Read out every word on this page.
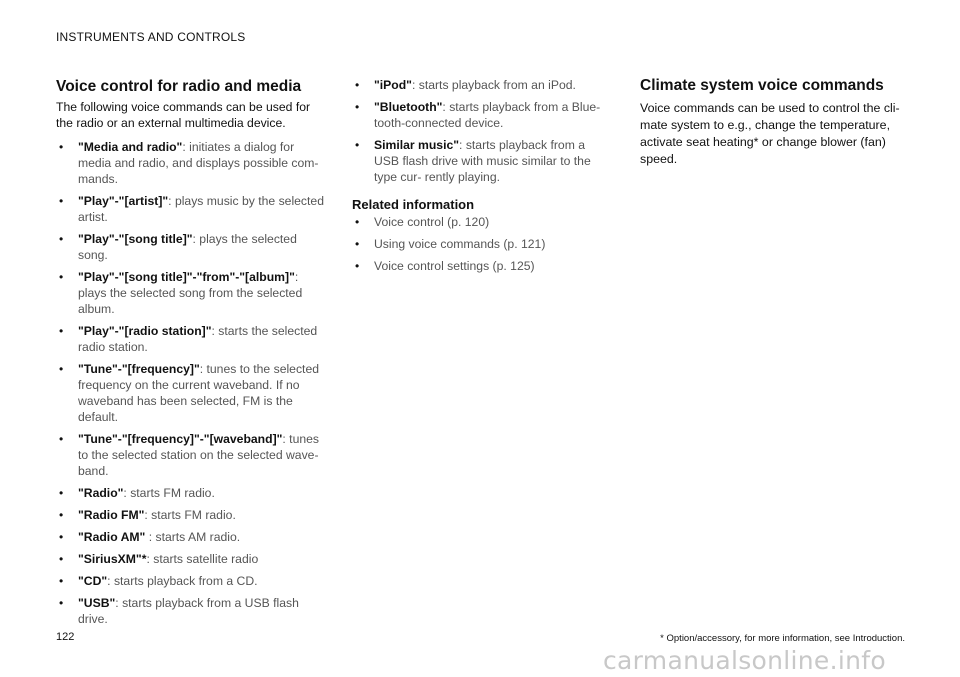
INSTRUMENTS AND CONTROLS
Voice control for radio and media

The following voice commands can be used for the radio or an external multimedia device.

• "Media and radio": initiates a dialog for media and radio, and displays possible com- mands.
• "Play"-"[artist]": plays music by the selected artist.
• "Play"-"[song title]": plays the selected song.
• "Play"-"[song title]"-"from"-"[album]": plays the selected song from the selected album.
• "Play"-"[radio station]": starts the selected radio station.
• "Tune"-"[frequency]": tunes to the selected frequency on the current waveband. If no waveband has been selected, FM is the default.
• "Tune"-"[frequency]"-"[waveband]": tunes to the selected station on the selected wave- band.
• "Radio": starts FM radio.
• "Radio FM": starts FM radio.
• "Radio AM" : starts AM radio.
• "SiriusXM"*: starts satellite radio
• "CD": starts playback from a CD.
• "USB": starts playback from a USB flash drive.
• "iPod": starts playback from an iPod.
• "Bluetooth": starts playback from a Blue- tooth-connected device.
• Similar music": starts playback from a USB flash drive with music similar to the type cur- rently playing.
Related information
• Voice control (p. 120)
• Using voice commands (p. 121)
• Voice control settings (p. 125)
Climate system voice commands

Voice commands can be used to control the cli- mate system to e.g., change the temperature, activate seat heating* or change blower (fan) speed.

122	* Option/accessory, for more information, see Introduction.
carmanualsonline.info
